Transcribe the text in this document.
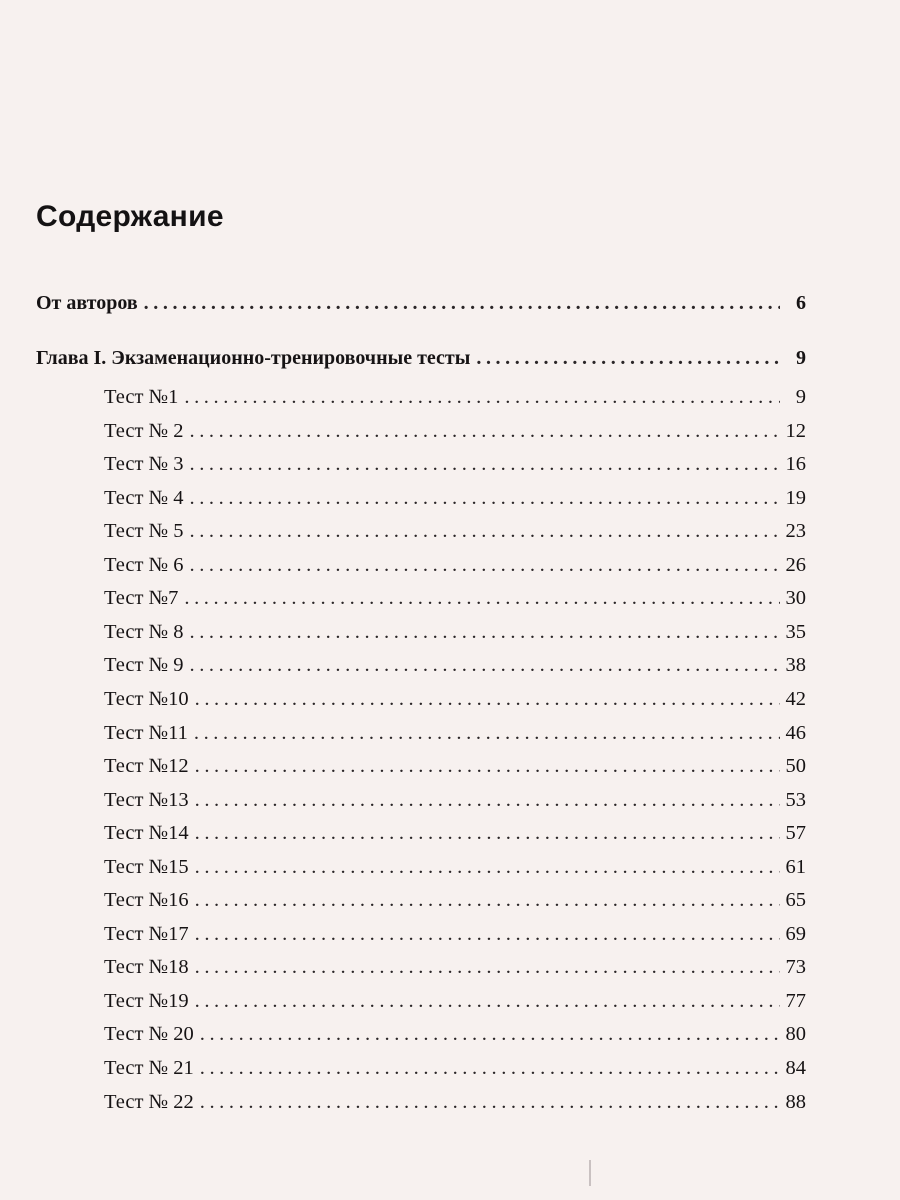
Содержание
От авторов .....	6
Глава I. Экзаменационно-тренировочные тесты .....	9
Тест №1 .....	9
Тест № 2 .....	12
Тест № 3 .....	16
Тест № 4 .....	19
Тест № 5 .....	23
Тест № 6 .....	26
Тест №7 .....	30
Тест № 8 .....	35
Тест № 9 .....	38
Тест №10 .....	42
Тест №11 .....	46
Тест №12 .....	50
Тест №13 .....	53
Тест №14 .....	57
Тест №15 .....	61
Тест №16 .....	65
Тест №17 .....	69
Тест №18 .....	73
Тест №19 .....	77
Тест № 20 .....	80
Тест № 21 .....	84
Тест № 22 .....	88
